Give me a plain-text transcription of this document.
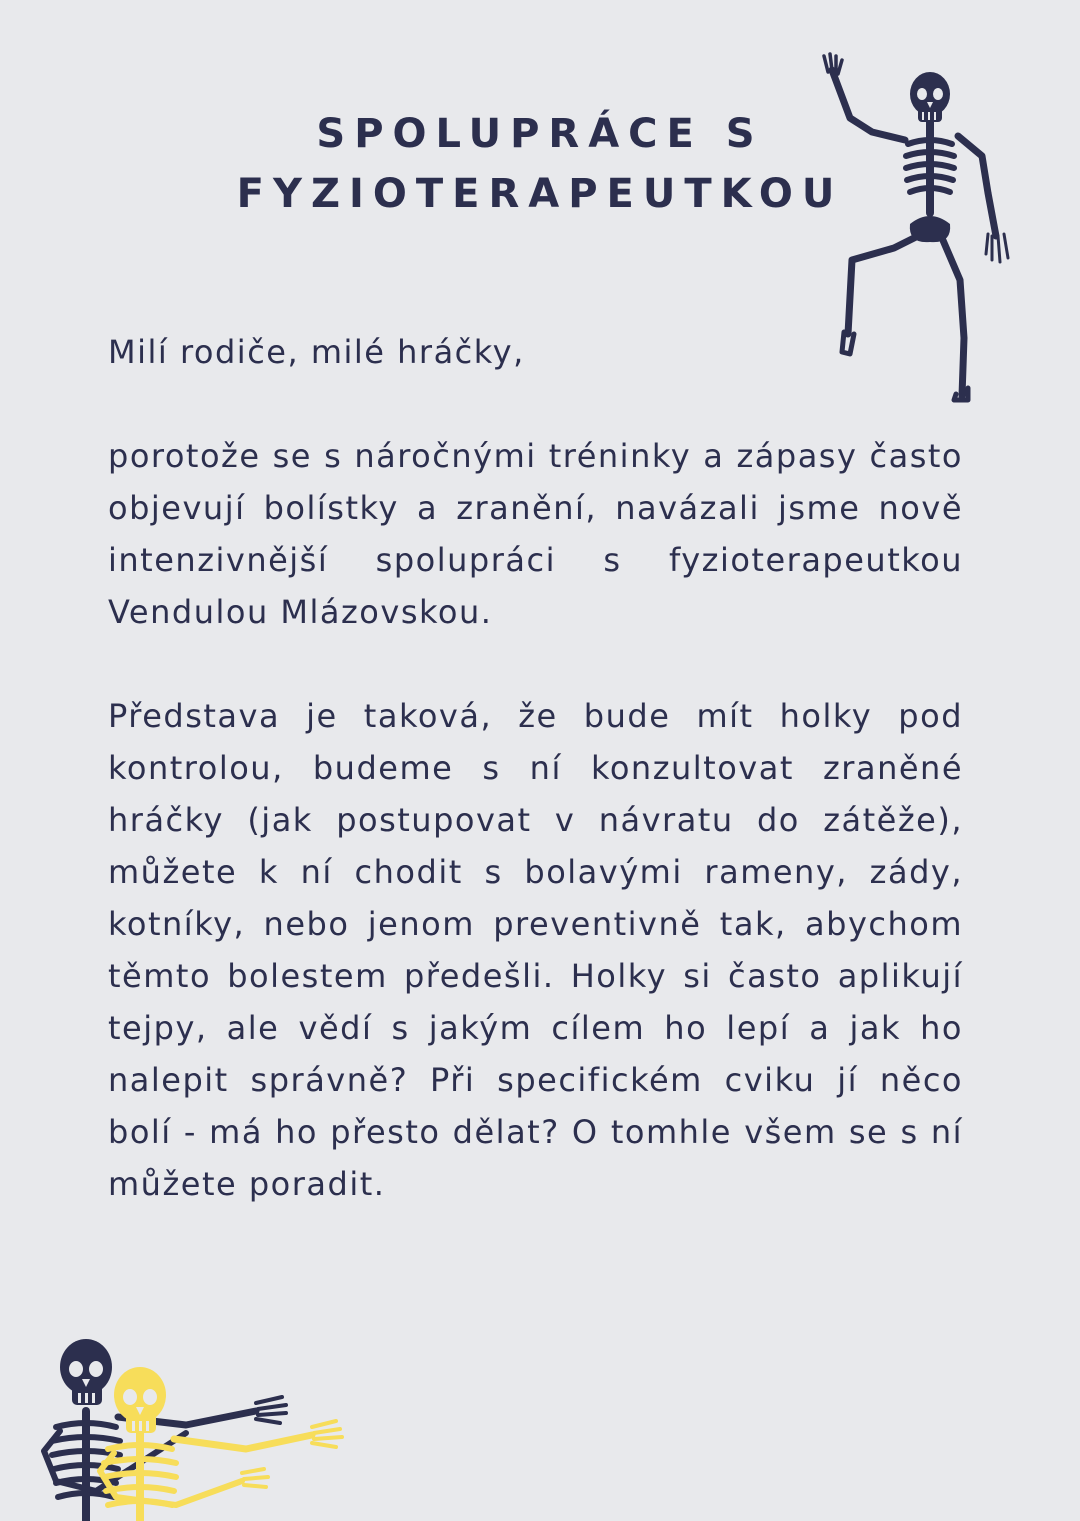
SPOLUPRÁCE S
FYZIOTERAPEUTKOU

Milí rodiče, milé hráčky,

porotože se s náročnými tréninky a zápasy často objevují bolístky a zranění, navázali jsme nově intenzivnější spolupráci s fyzioterapeutkou Vendulou Mlázovskou.

Představa je taková, že bude mít holky pod kontrolou, budeme s ní konzultovat zraněné hráčky (jak postupovat v návratu do zátěže), můžete k ní chodit s bolavými rameny, zády, kotníky, nebo jenom preventivně tak, abychom těmto bolestem předešli. Holky si často aplikují tejpy, ale vědí s jakým cílem ho lepí a jak ho nalepit správně? Při specifickém cviku jí něco bolí - má ho přesto dělat? O tomhle všem se s ní můžete poradit.
